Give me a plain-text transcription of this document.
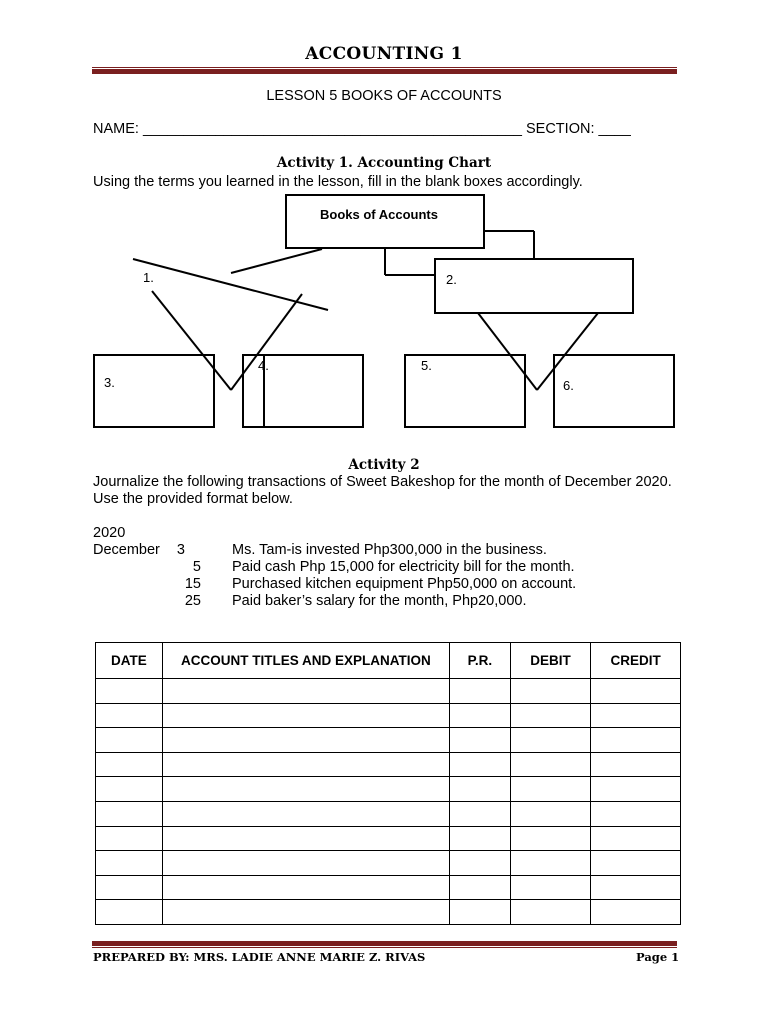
ACCOUNTING 1
LESSON 5 BOOKS OF ACCOUNTS
NAME: _______________________________________________ SECTION: ____
Activity 1. Accounting Chart
Using the terms you learned in the lesson, fill in the blank boxes accordingly.
Books of Accounts
1.	2.
3.
4.	5.
6.
Activity 2
Journalize the following transactions of Sweet Bakeshop for the month of December 2020. Use the provided format below.
2020
December	3	Ms. Tam-is invested Php300,000 in the business.
5 Paid cash Php 15,000 for electricity bill for the month.
15 Purchased kitchen equipment Php50,000 on account.
25 Paid baker’s salary for the month, Php20,000.
DATE	ACCOUNT TITLES AND EXPLANATION	P.R.	DEBIT	CREDIT

PREPARED BY: MRS. LADIE ANNE MARIE Z. RIVAS	Page 1
